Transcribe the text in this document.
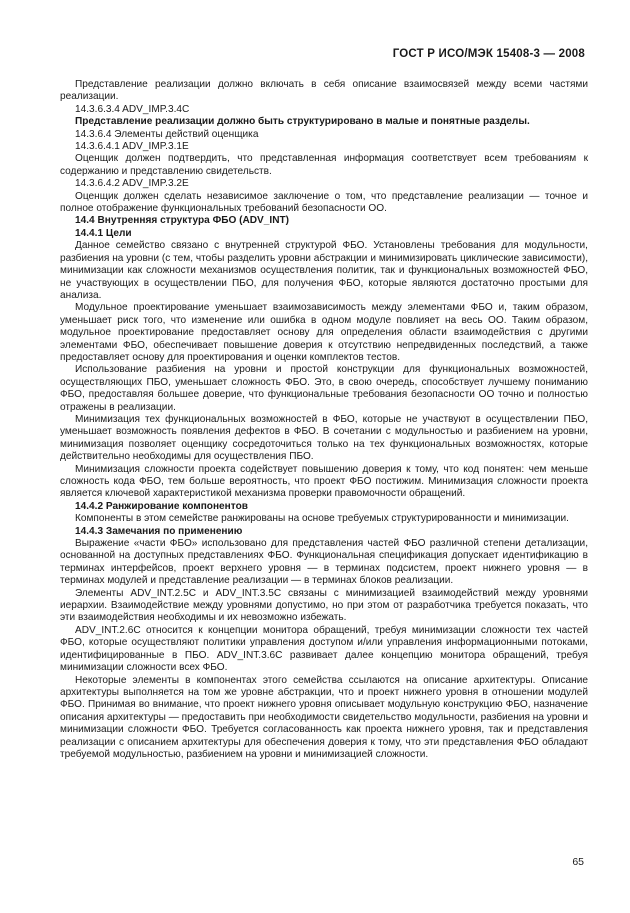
ГОСТ Р ИСО/МЭК 15408-3 — 2008

Представление реализации должно включать в себя описание взаимосвязей между всеми частями реализации.

14.3.6.3.4 ADV_IMP.3.4C

Представление реализации должно быть структурировано в малые и понятные разделы.

14.3.6.4 Элементы действий оценщика

14.3.6.4.1 ADV_IMP.3.1E

Оценщик должен подтвердить, что представленная информация соответствует всем требованиям к содержанию и представлению свидетельств.

14.3.6.4.2 ADV_IMP.3.2E

Оценщик должен сделать независимое заключение о том, что представление реализации — точное и полное отображение функциональных требований безопасности ОО.

14.4 Внутренняя структура ФБО (ADV_INT)

14.4.1 Цели

Данное семейство связано с внутренней структурой ФБО. Установлены требования для модульности, разбиения на уровни (с тем, чтобы разделить уровни абстракции и минимизировать циклические зависимости), минимизации как сложности механизмов осуществления политик, так и функциональных возможностей ФБО, не участвующих в осуществлении ПБО, для получения ФБО, которые являются достаточно простыми для анализа.

Модульное проектирование уменьшает взаимозависимость между элементами ФБО и, таким образом, уменьшает риск того, что изменение или ошибка в одном модуле повлияет на весь ОО. Таким образом, модульное проектирование предоставляет основу для определения области взаимодействия с другими элементами ФБО, обеспечивает повышение доверия к отсутствию непредвиденных последствий, а также предоставляет основу для проектирования и оценки комплектов тестов.

Использование разбиения на уровни и простой конструкции для функциональных возможностей, осуществляющих ПБО, уменьшает сложность ФБО. Это, в свою очередь, способствует лучшему пониманию ФБО, предоставляя большее доверие, что функциональные требования безопасности ОО точно и полностью отражены в реализации.

Минимизация тех функциональных возможностей в ФБО, которые не участвуют в осуществлении ПБО, уменьшает возможность появления дефектов в ФБО. В сочетании с модульностью и разбиением на уровни, минимизация позволяет оценщику сосредоточиться только на тех функциональных возможностях, которые действительно необходимы для осуществления ПБО.

Минимизация сложности проекта содействует повышению доверия к тому, что код понятен: чем меньше сложность кода ФБО, тем больше вероятность, что проект ФБО постижим. Минимизация сложности проекта является ключевой характеристикой механизма проверки правомочности обращений.

14.4.2 Ранжирование компонентов

Компоненты в этом семействе ранжированы на основе требуемых структурированности и минимизации.

14.4.3 Замечания по применению

Выражение «части ФБО» использовано для представления частей ФБО различной степени детализации, основанной на доступных представлениях ФБО. Функциональная спецификация допускает идентификацию в терминах интерфейсов, проект верхнего уровня — в терминах подсистем, проект нижнего уровня — в терминах модулей и представление реализации — в терминах блоков реализации.

Элементы ADV_INT.2.5C и ADV_INT.3.5C связаны с минимизацией взаимодействий между уровнями иерархии. Взаимодействие между уровнями допустимо, но при этом от разработчика требуется показать, что эти взаимодействия необходимы и их невозможно избежать.

ADV_INT.2.6C относится к концепции монитора обращений, требуя минимизации сложности тех частей ФБО, которые осуществляют политики управления доступом и/или управления информационными потоками, идентифицированные в ПБО. ADV_INT.3.6C развивает далее концепцию монитора обращений, требуя минимизации сложности всех ФБО.

Некоторые элементы в компонентах этого семейства ссылаются на описание архитектуры. Описание архитектуры выполняется на том же уровне абстракции, что и проект нижнего уровня в отношении модулей ФБО. Принимая во внимание, что проект нижнего уровня описывает модульную конструкцию ФБО, назначение описания архитектуры — предоставить при необходимости свидетельство модульности, разбиения на уровни и минимизации сложности ФБО. Требуется согласованность как проекта нижнего уровня, так и представления реализации с описанием архитектуры для обеспечения доверия к тому, что эти представления ФБО обладают требуемой модульностью, разбиением на уровни и минимизацией сложности.

65
